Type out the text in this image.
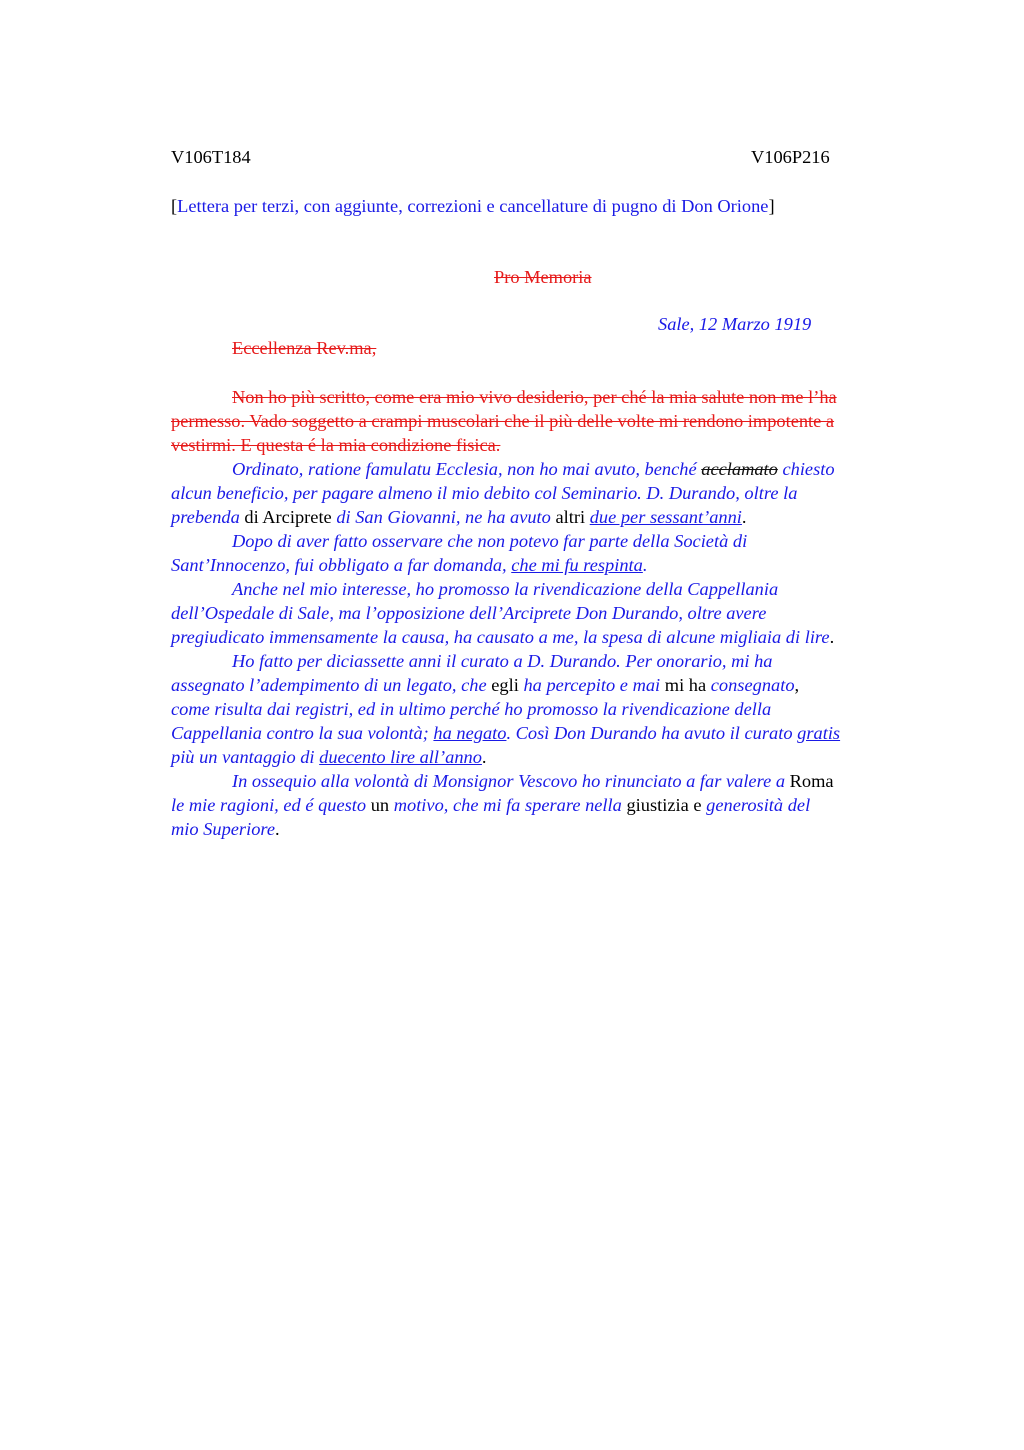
V106T184	V106P216
[Lettera per terzi, con aggiunte, correzioni e cancellature di pugno di Don Orione]
Pro Memoria
Sale, 12 Marzo 1919
Eccellenza Rev.ma,
Non ho più scritto, come era mio vivo desiderio, per ché la mia salute non me l’ha
permesso. Vado soggetto a crampi muscolari che il più delle volte mi rendono impotente a
vestirmi. E questa é la mia condizione fisica.
Ordinato, ratione famulatu Ecclesia, non ho mai avuto, benché acclamato chiesto
alcun beneficio, per pagare almeno il mio debito col Seminario. D. Durando, oltre la
prebenda di Arciprete di San Giovanni, ne ha avuto altri due per sessant’anni.
Dopo di aver fatto osservare che non potevo far parte della Società di
Sant’Innocenzo, fui obbligato a far domanda, che mi fu respinta.
Anche nel mio interesse, ho promosso la rivendicazione della Cappellania
dell’Ospedale di Sale, ma l’opposizione dell’Arciprete Don Durando, oltre avere
pregiudicato immensamente la causa, ha causato a me, la spesa di alcune migliaia di lire.
Ho fatto per diciassette anni il curato a D. Durando. Per onorario, mi ha
assegnato l’adempimento di un legato, che egli ha percepito e mai mi ha consegnato,
come risulta dai registri, ed in ultimo perché ho promosso la rivendicazione della
Cappellania contro la sua volontà; ha negato. Così Don Durando ha avuto il curato gratis
più un vantaggio di duecento lire all’anno.
In ossequio alla volontà di Monsignor Vescovo ho rinunciato a far valere a Roma
le mie ragioni, ed é questo un motivo, che mi fa sperare nella giustizia e generosità del
mio Superiore.
